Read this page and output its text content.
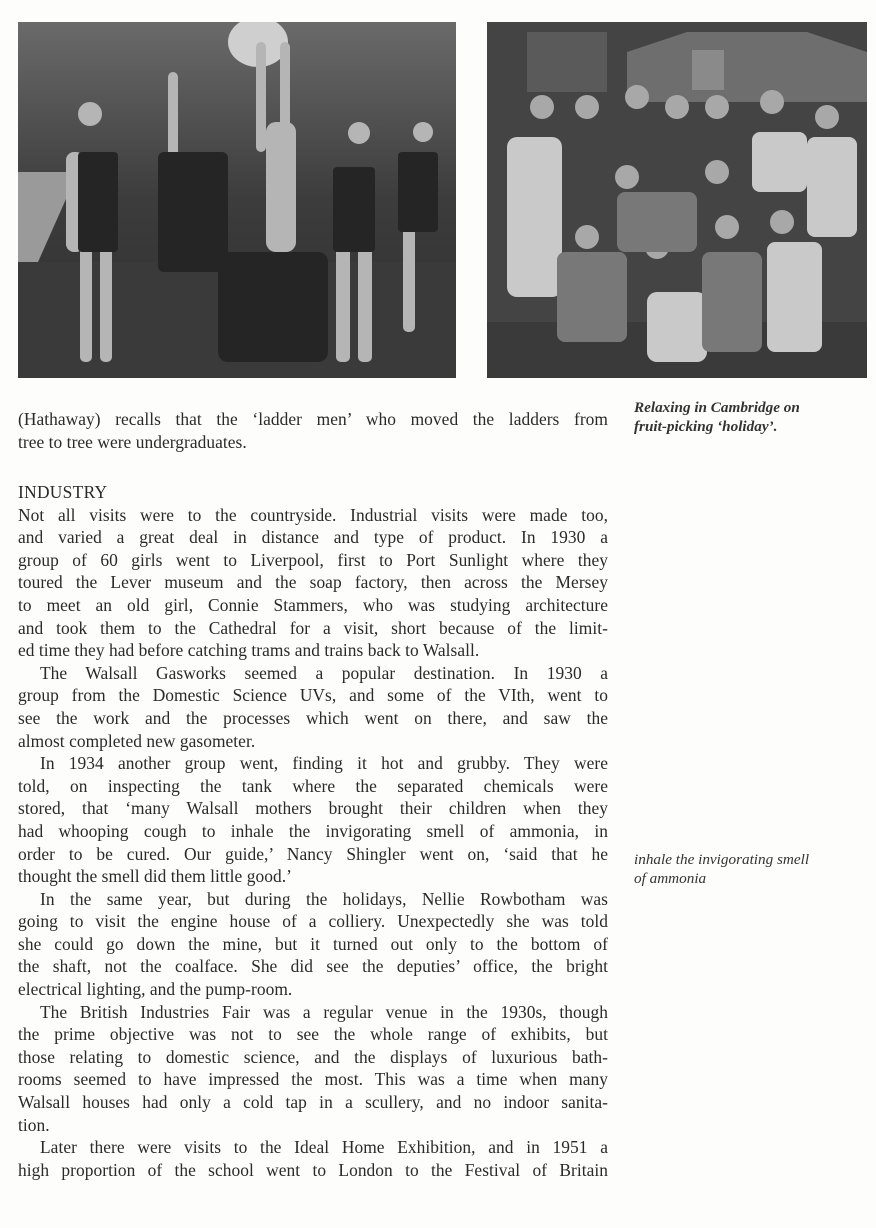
Relaxing in Cambridge on
fruit-picking ‘holiday’.
inhale the invigorating smell
of ammonia
(Hathaway) recalls that the ‘ladder men’ who moved the ladders from
tree to tree were undergraduates.
INDUSTRY
Not all visits were to the countryside. Industrial visits were made too,
and varied a great deal in distance and type of product. In 1930 a
group of 60 girls went to Liverpool, first to Port Sunlight where they
toured the Lever museum and the soap factory, then across the Mersey
to meet an old girl, Connie Stammers, who was studying architecture
and took them to the Cathedral for a visit, short because of the limit-
ed time they had before catching trams and trains back to Walsall.
The Walsall Gasworks seemed a popular destination. In 1930 a
group from the Domestic Science UVs, and some of the VIth, went to
see the work and the processes which went on there, and saw the
almost completed new gasometer.
In 1934 another group went, finding it hot and grubby. They were
told, on inspecting the tank where the separated chemicals were
stored, that ‘many Walsall mothers brought their children when they
had whooping cough to inhale the invigorating smell of ammonia, in
order to be cured. Our guide,’ Nancy Shingler went on, ‘said that he
thought the smell did them little good.’
In the same year, but during the holidays, Nellie Rowbotham was
going to visit the engine house of a colliery. Unexpectedly she was told
she could go down the mine, but it turned out only to the bottom of
the shaft, not the coalface. She did see the deputies’ office, the bright
electrical lighting, and the pump-room.
The British Industries Fair was a regular venue in the 1930s, though
the prime objective was not to see the whole range of exhibits, but
those relating to domestic science, and the displays of luxurious bath-
rooms seemed to have impressed the most. This was a time when many
Walsall houses had only a cold tap in a scullery, and no indoor sanita-
tion.
Later there were visits to the Ideal Home Exhibition, and in 1951 a
high proportion of the school went to London to the Festival of Britain
